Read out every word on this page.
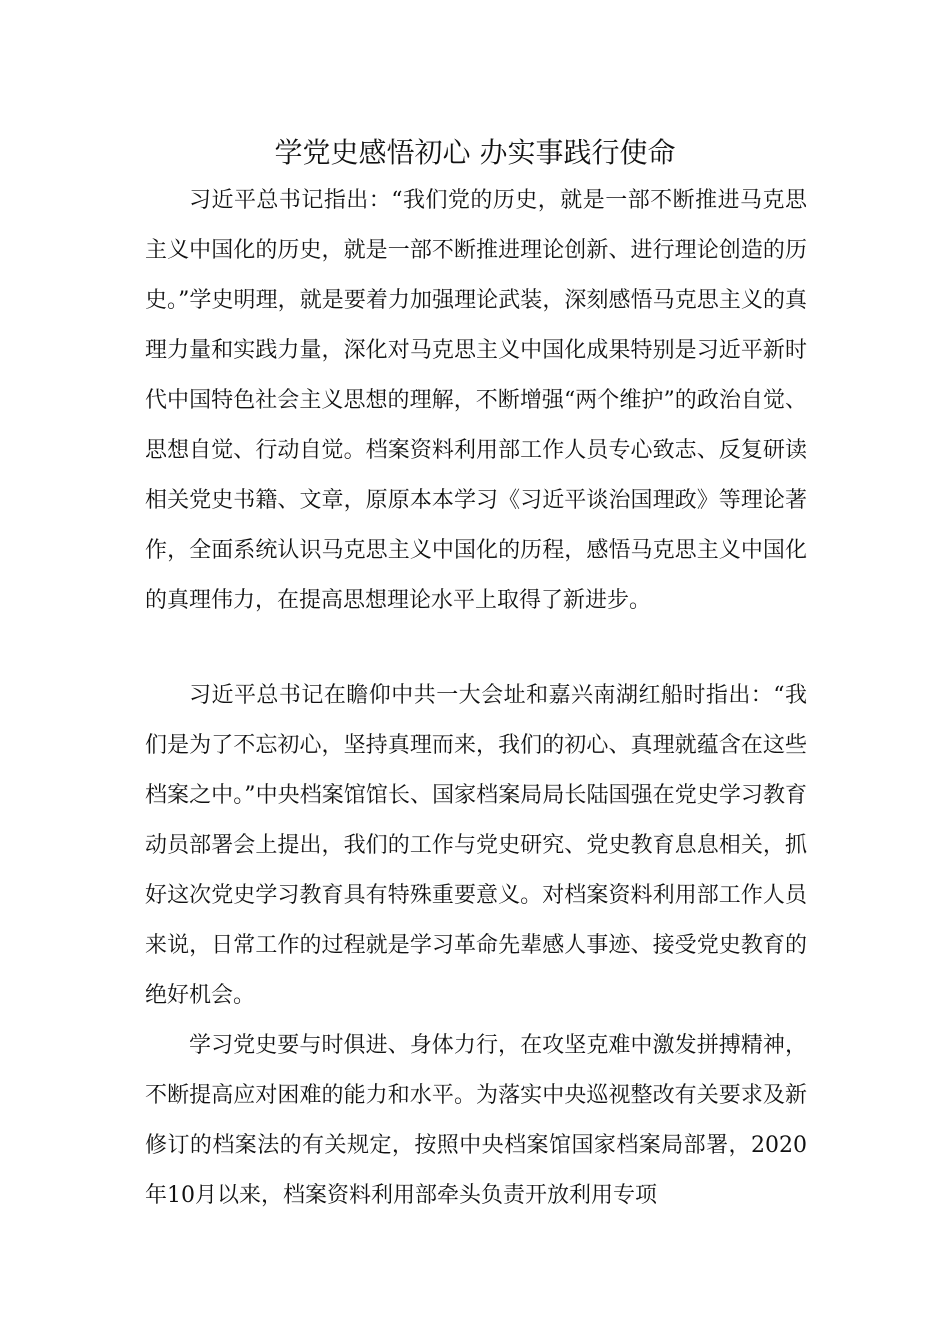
学党史感悟初心 办实事践行使命

习近平总书记指出：“我们党的历史，就是一部不断推进马克思主义中国化的历史，就是一部不断推进理论创新、进行理论创造的历史。”学史明理，就是要着力加强理论武装，深刻感悟马克思主义的真理力量和实践力量，深化对马克思主义中国化成果特别是习近平新时代中国特色社会主义思想的理解，不断增强“两个维护”的政治自觉、思想自觉、行动自觉。档案资料利用部工作人员专心致志、反复研读相关党史书籍、文章，原原本本学习《习近平谈治国理政》等理论著作，全面系统认识马克思主义中国化的历程，感悟马克思主义中国化的真理伟力，在提高思想理论水平上取得了新进步。

习近平总书记在瞻仰中共一大会址和嘉兴南湖红船时指出：“我们是为了不忘初心，坚持真理而来，我们的初心、真理就蕴含在这些档案之中。”中央档案馆馆长、国家档案局局长陆国强在党史学习教育动员部署会上提出，我们的工作与党史研究、党史教育息息相关，抓好这次党史学习教育具有特殊重要意义。对档案资料利用部工作人员来说，日常工作的过程就是学习革命先辈感人事迹、接受党史教育的绝好机会。

学习党史要与时俱进、身体力行，在攻坚克难中激发拼搏精神，不断提高应对困难的能力和水平。为落实中央巡视整改有关要求及新修订的档案法的有关规定，按照中央档案馆国家档案局部署，2020年10月以来，档案资料利用部牵头负责开放利用专项
